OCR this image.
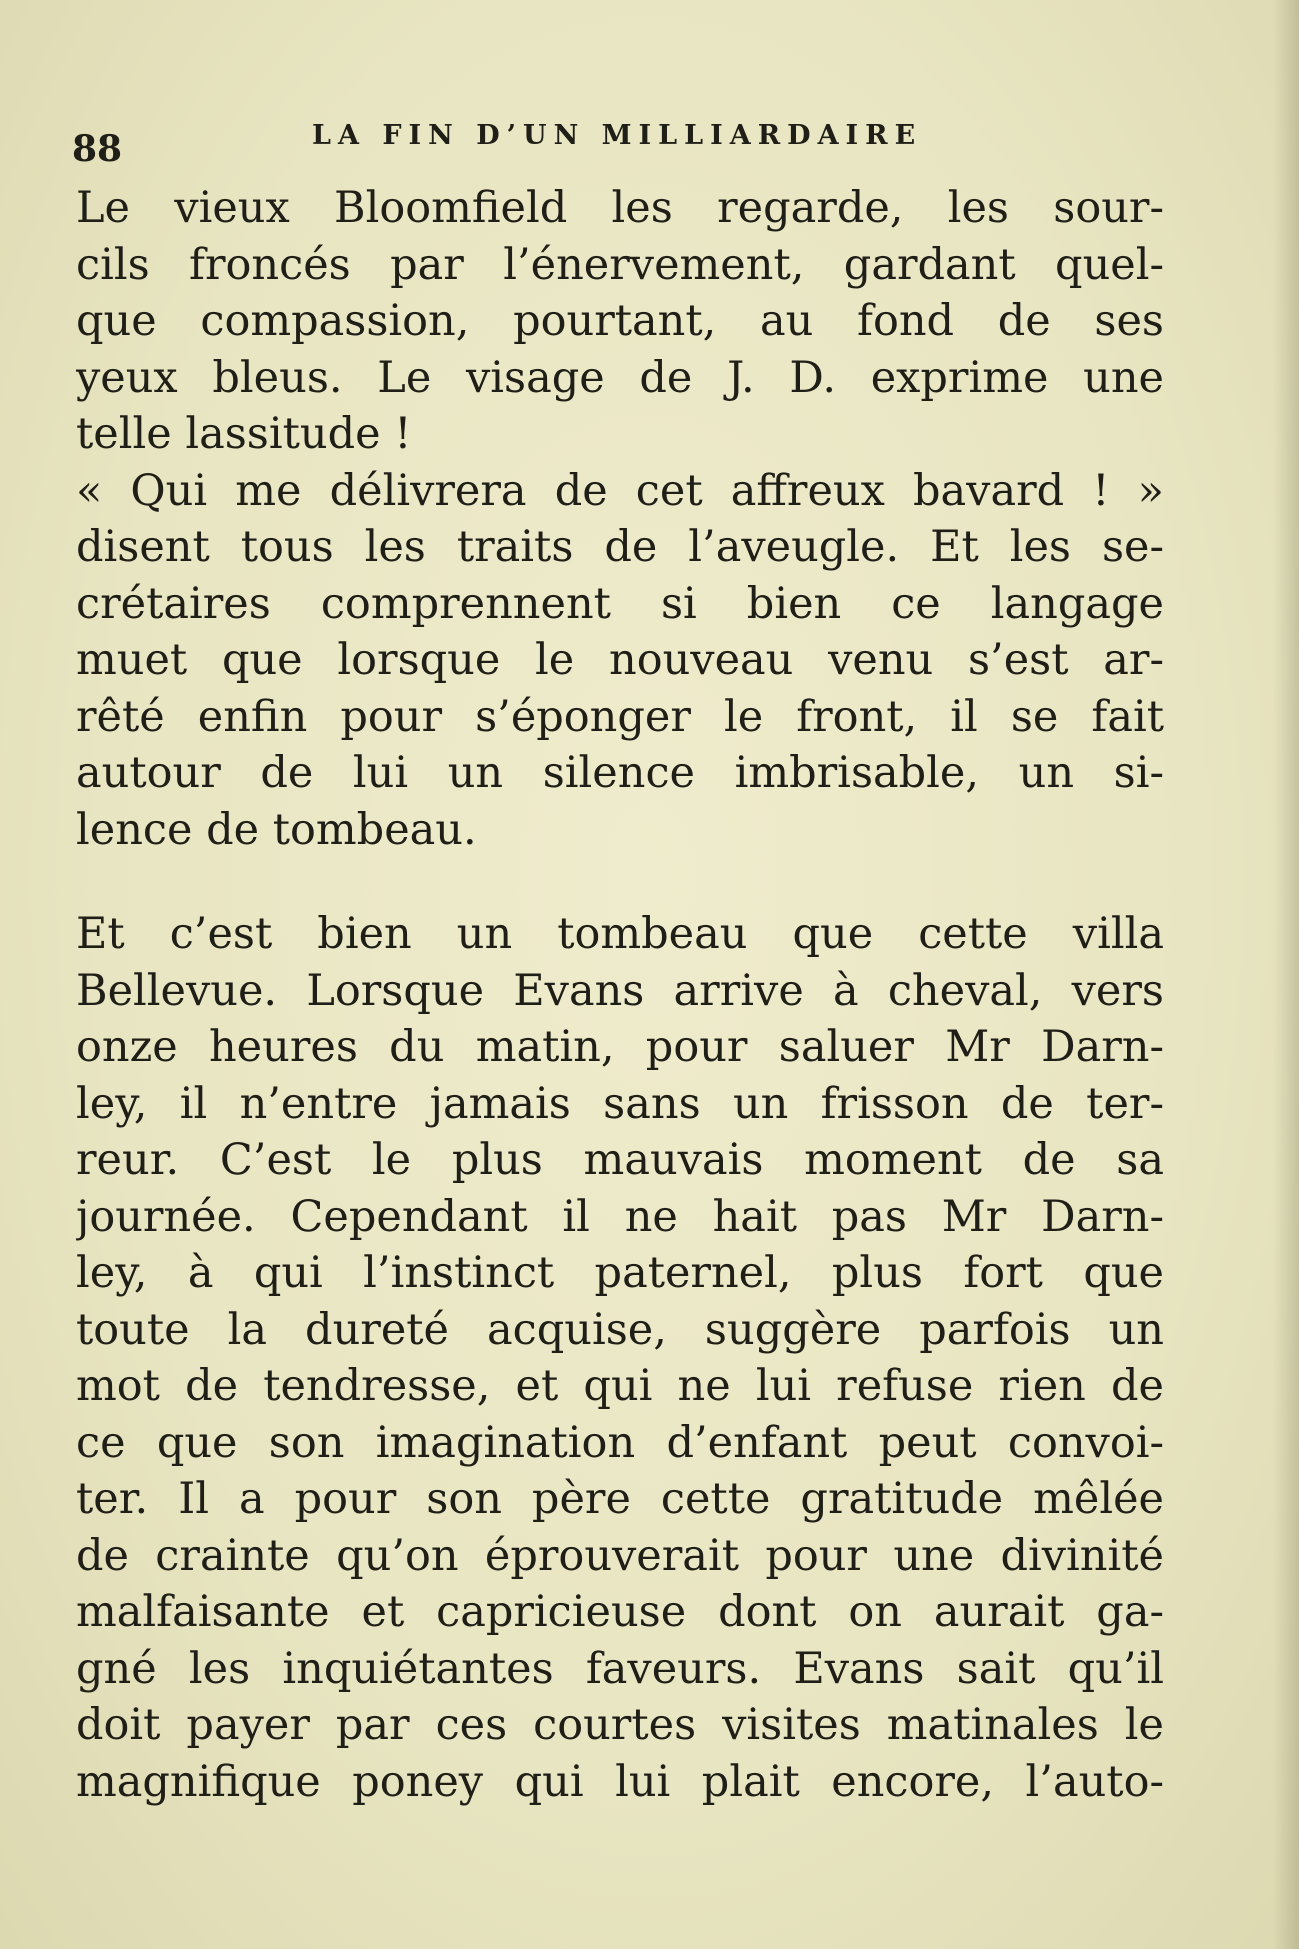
88	LA FIN D’UN MILLIARDAIRE

Le vieux Bloomfield les regarde, les sour-
cils froncés par l’énervement, gardant quel-
que compassion, pourtant, au fond de ses
yeux bleus. Le visage de J. D. exprime une
telle lassitude !

« Qui me délivrera de cet affreux bavard ! »
disent tous les traits de l’aveugle. Et les se-
crétaires comprennent si bien ce langage
muet que lorsque le nouveau venu s’est ar-
rêté enfin pour s’éponger le front, il se fait
autour de lui un silence imbrisable, un si-
lence de tombeau.

Et c’est bien un tombeau que cette villa
Bellevue. Lorsque Evans arrive à cheval, vers
onze heures du matin, pour saluer Mr Darn-
ley, il n’entre jamais sans un frisson de ter-
reur. C’est le plus mauvais moment de sa
journée. Cependant il ne hait pas Mr Darn-
ley, à qui l’instinct paternel, plus fort que
toute la dureté acquise, suggère parfois un
mot de tendresse, et qui ne lui refuse rien de
ce que son imagination d’enfant peut convoi-
ter. Il a pour son père cette gratitude mêlée
de crainte qu’on éprouverait pour une divinité
malfaisante et capricieuse dont on aurait ga-
gné les inquiétantes faveurs. Evans sait qu’il
doit payer par ces courtes visites matinales le
magnifique poney qui lui plait encore, l’auto-
